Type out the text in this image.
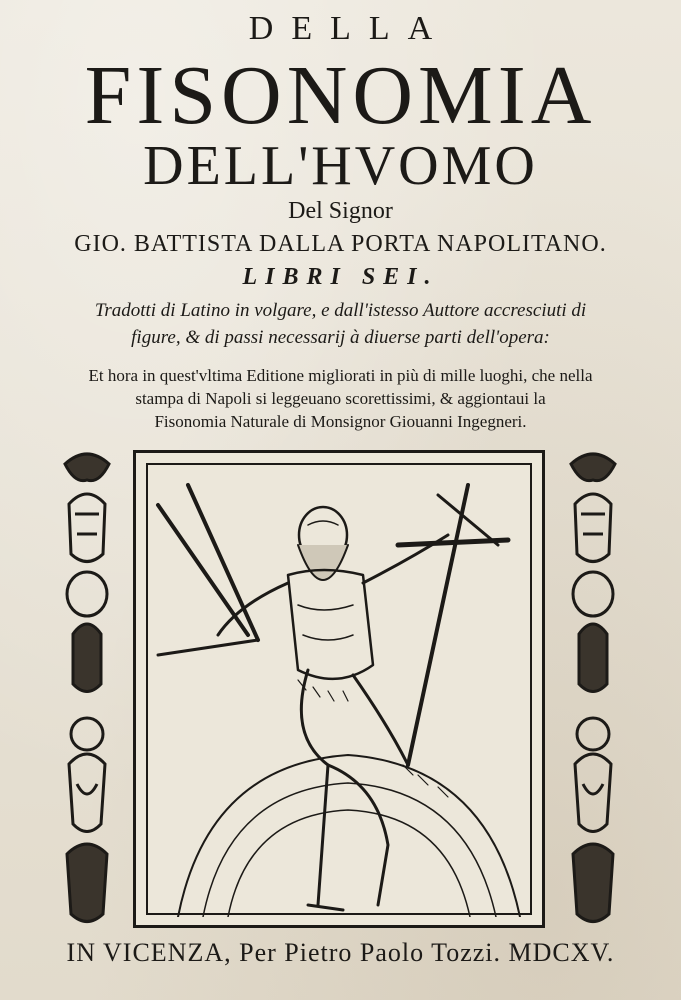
DELLA
FISONOMIA
DELL'HVOMO
Del Signor
GIO. BATTISTA DALLA PORTA NAPOLITANO.
LIBRI SEI.
Tradotti di Latino in volgare, e dall'istesso Auttore accresciuti di
figure, & di passi necessarij à diuerse parti dell'opera:
Et hora in quest'vltima Editione migliorati in più di mille luoghi, che nella
stampa di Napoli si leggeuano scorettissimi, & aggiontaui la
Fisonomia Naturale di Monsignor Giouanni Ingegneri.
IN VICENZA, Per Pietro Paolo Tozzi. MDCXV.
